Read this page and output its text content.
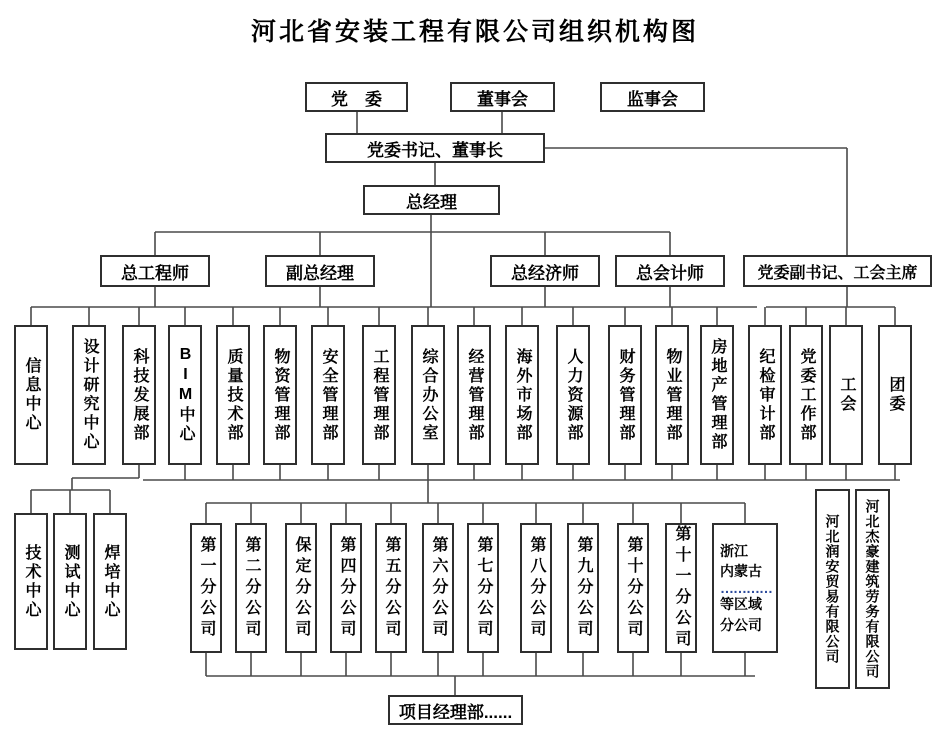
河北省安装工程有限公司组织机构图
党　委	董事会	监事会
党委书记、董事长
总经理
总工程师	副总经理	总经济师	总会计师	党委副书记、工会主席
项目经理部......
信息中心	设计研究中心 科技发展部 BIM中心 质量技术部 物资管理部 安全管理部 工程管理部 综合办公室 经营管理部 海外市场部 人力资源部 财务管理部 物业管理部 房地产管理部 纪检审计部 党委工作部 工会 团委
技术中心 测试中心 焊培中心	第一分公司 第二分公司 保定分公司 第四分公司 第五分公司 第六分公司 第七分公司 第八分公司 第九分公司 第十分公司 第十一分公司 浙江
内蒙古
…………
等区域
分公司	河北润安贸易有限公司 河北杰豪建筑劳务有限公司
